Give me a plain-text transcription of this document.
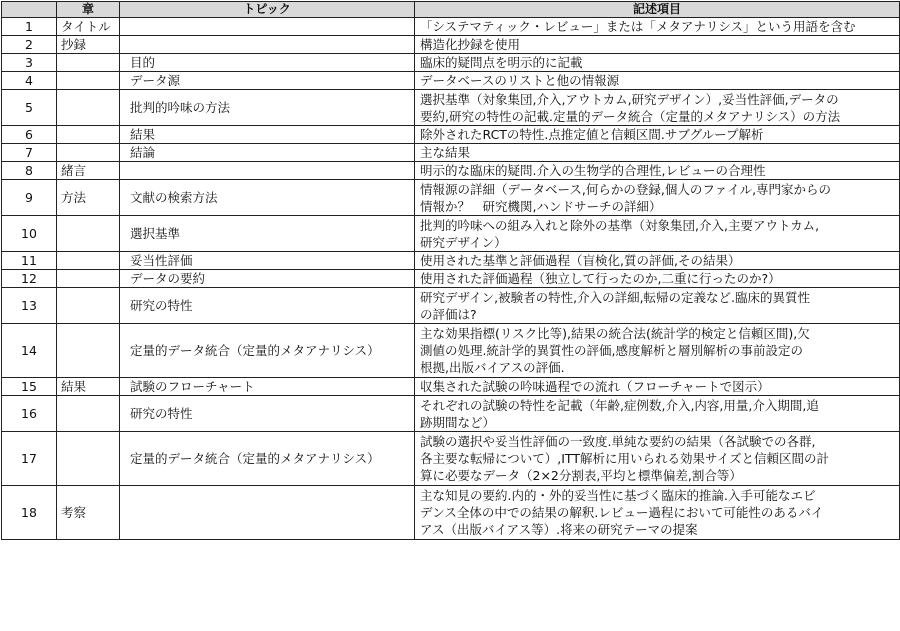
	章	トピック	記述項目
1	タイトル		「システマティック・レビュー」または「メタアナリシス」という用語を含む
2	抄録		構造化抄録を使用
3		目的	臨床的疑問点を明示的に記載
4		データ源	データベースのリストと他の情報源
5		批判的吟味の方法	選択基準（対象集団,介入,アウトカム,研究デザイン）,妥当性評価,データの
要約,研究の特性の記載.定量的データ統合（定量的メタアナリシス）の方法
6		結果	除外されたRCTの特性.点推定値と信頼区間.サブグループ解析
7		結論	主な結果
8	緒言		明示的な臨床的疑問.介入の生物学的合理性,レビューの合理性
9	方法	文献の検索方法	情報源の詳細（データベース,何らかの登録,個人のファイル,専門家からの
情報か？　研究機関,ハンドサーチの詳細）
10		選択基準	批判的吟味への組み入れと除外の基準（対象集団,介入,主要アウトカム,
研究デザイン）
11		妥当性評価	使用された基準と評価過程（盲検化,質の評価,その結果）
12		データの要約	使用された評価過程（独立して行ったのか,二重に行ったのか?）
13		研究の特性	研究デザイン,被験者の特性,介入の詳細,転帰の定義など.臨床的異質性
の評価は?
14		定量的データ統合（定量的メタアナリシス）	主な効果指標(リスク比等),結果の統合法(統計学的検定と信頼区間),欠
測値の処理.統計学的異質性の評価,感度解析と層別解析の事前設定の
根拠,出版バイアスの評価.
15	結果	試験のフローチャート	収集された試験の吟味過程での流れ（フローチャートで図示）
16		研究の特性	それぞれの試験の特性を記載（年齢,症例数,介入,内容,用量,介入期間,追
跡期間など）
17		定量的データ統合（定量的メタアナリシス）	試験の選択や妥当性評価の一致度.単純な要約の結果（各試験での各群,
各主要な転帰について）,ITT解析に用いられる効果サイズと信頼区間の計
算に必要なデータ（2×2分割表,平均と標準偏差,割合等）
18	考察		主な知見の要約.内的・外的妥当性に基づく臨床的推論.入手可能なエビ
デンス全体の中での結果の解釈.レビュー過程において可能性のあるバイ
アス（出版バイアス等）.将来の研究テーマの提案
